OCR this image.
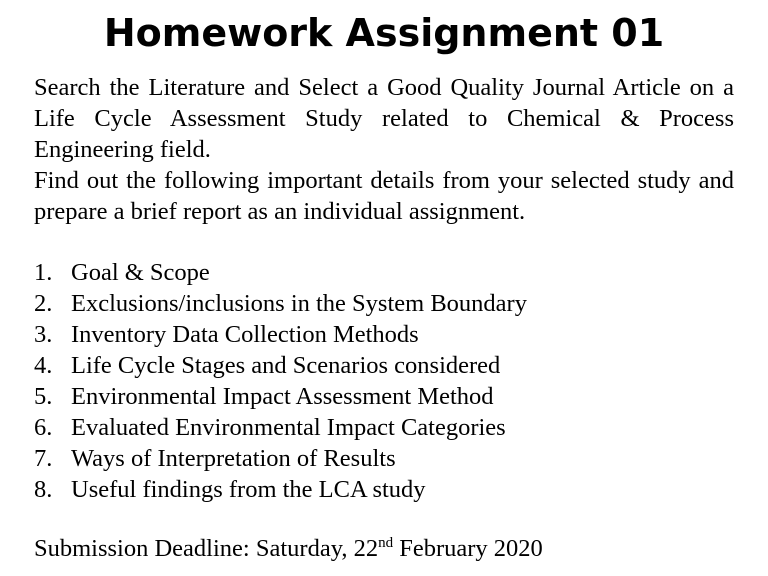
Homework Assignment 01

Search the Literature and Select a Good Quality Journal Article on a Life Cycle Assessment Study related to Chemical & Process Engineering field.

Find out the following important details from your selected study and prepare a brief report as an individual assignment.

1. Goal & Scope
2. Exclusions/inclusions in the System Boundary
3. Inventory Data Collection Methods
4. Life Cycle Stages and Scenarios considered
5. Environmental Impact Assessment Method
6. Evaluated Environmental Impact Categories
7. Ways of Interpretation of Results
8. Useful findings from the LCA study
Submission Deadline: Saturday, 22nd February 2020
